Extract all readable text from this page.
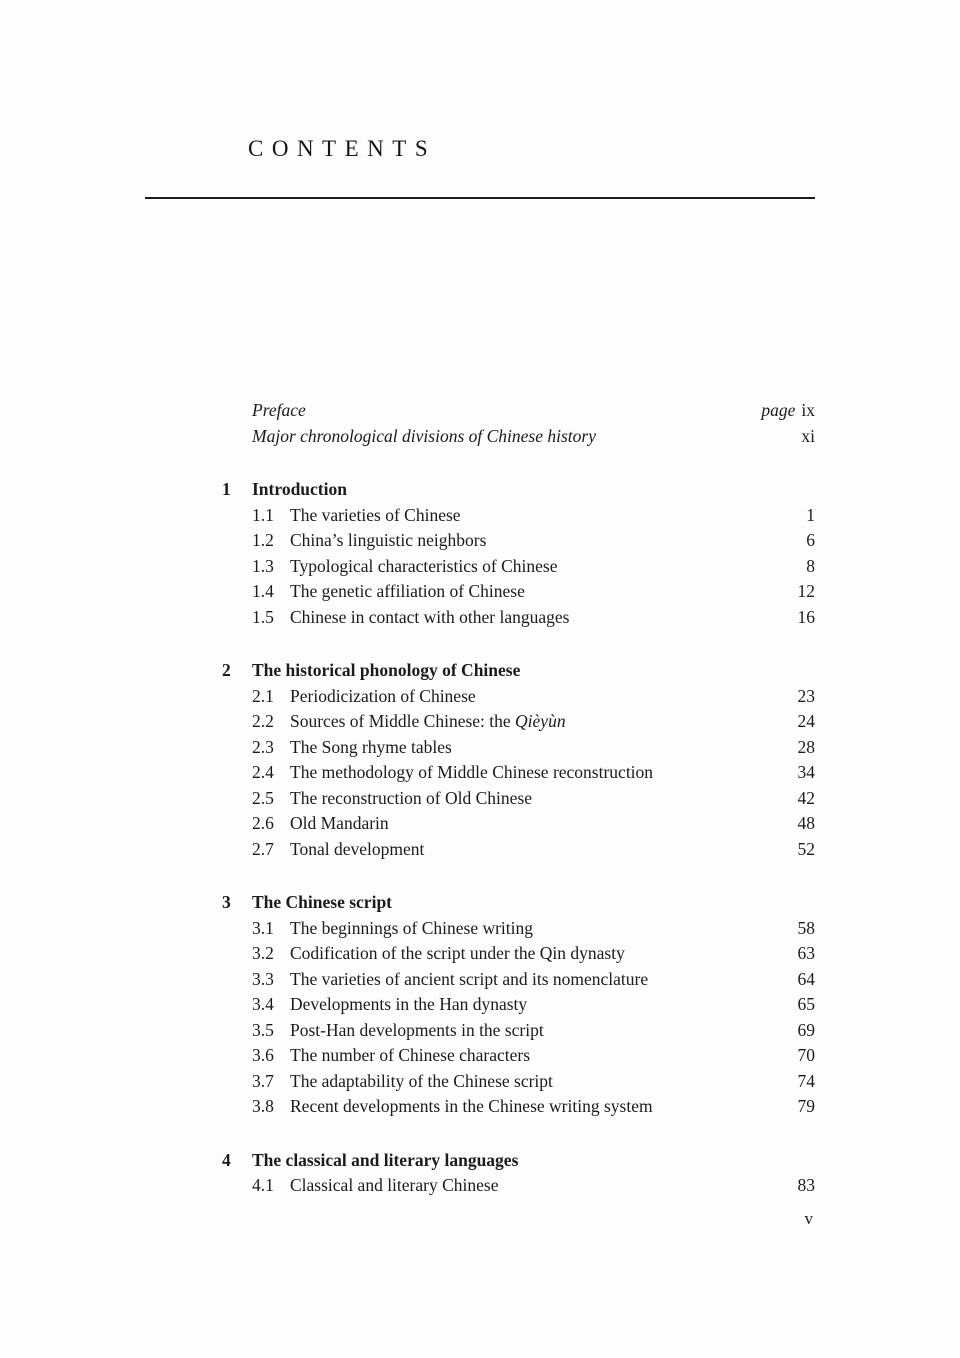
CONTENTS
Preface	page ix
Major chronological divisions of Chinese history	xi
1	Introduction
1.1 The varieties of Chinese	1
1.2 China’s linguistic neighbors	6
1.3 Typological characteristics of Chinese	8
1.4 The genetic affiliation of Chinese	12
1.5 Chinese in contact with other languages	16
2	The historical phonology of Chinese
2.1 Periodicization of Chinese	23
2.2 Sources of Middle Chinese: the Qièyùn	24
2.3 The Song rhyme tables	28
2.4 The methodology of Middle Chinese reconstruction	34
2.5 The reconstruction of Old Chinese	42
2.6 Old Mandarin	48
2.7 Tonal development	52
3	The Chinese script
3.1 The beginnings of Chinese writing	58
3.2 Codification of the script under the Qin dynasty	63
3.3 The varieties of ancient script and its nomenclature	64
3.4 Developments in the Han dynasty	65
3.5 Post-Han developments in the script	69
3.6 The number of Chinese characters	70
3.7 The adaptability of the Chinese script	74
3.8 Recent developments in the Chinese writing system	79
4	The classical and literary languages
4.1 Classical and literary Chinese	83
v
